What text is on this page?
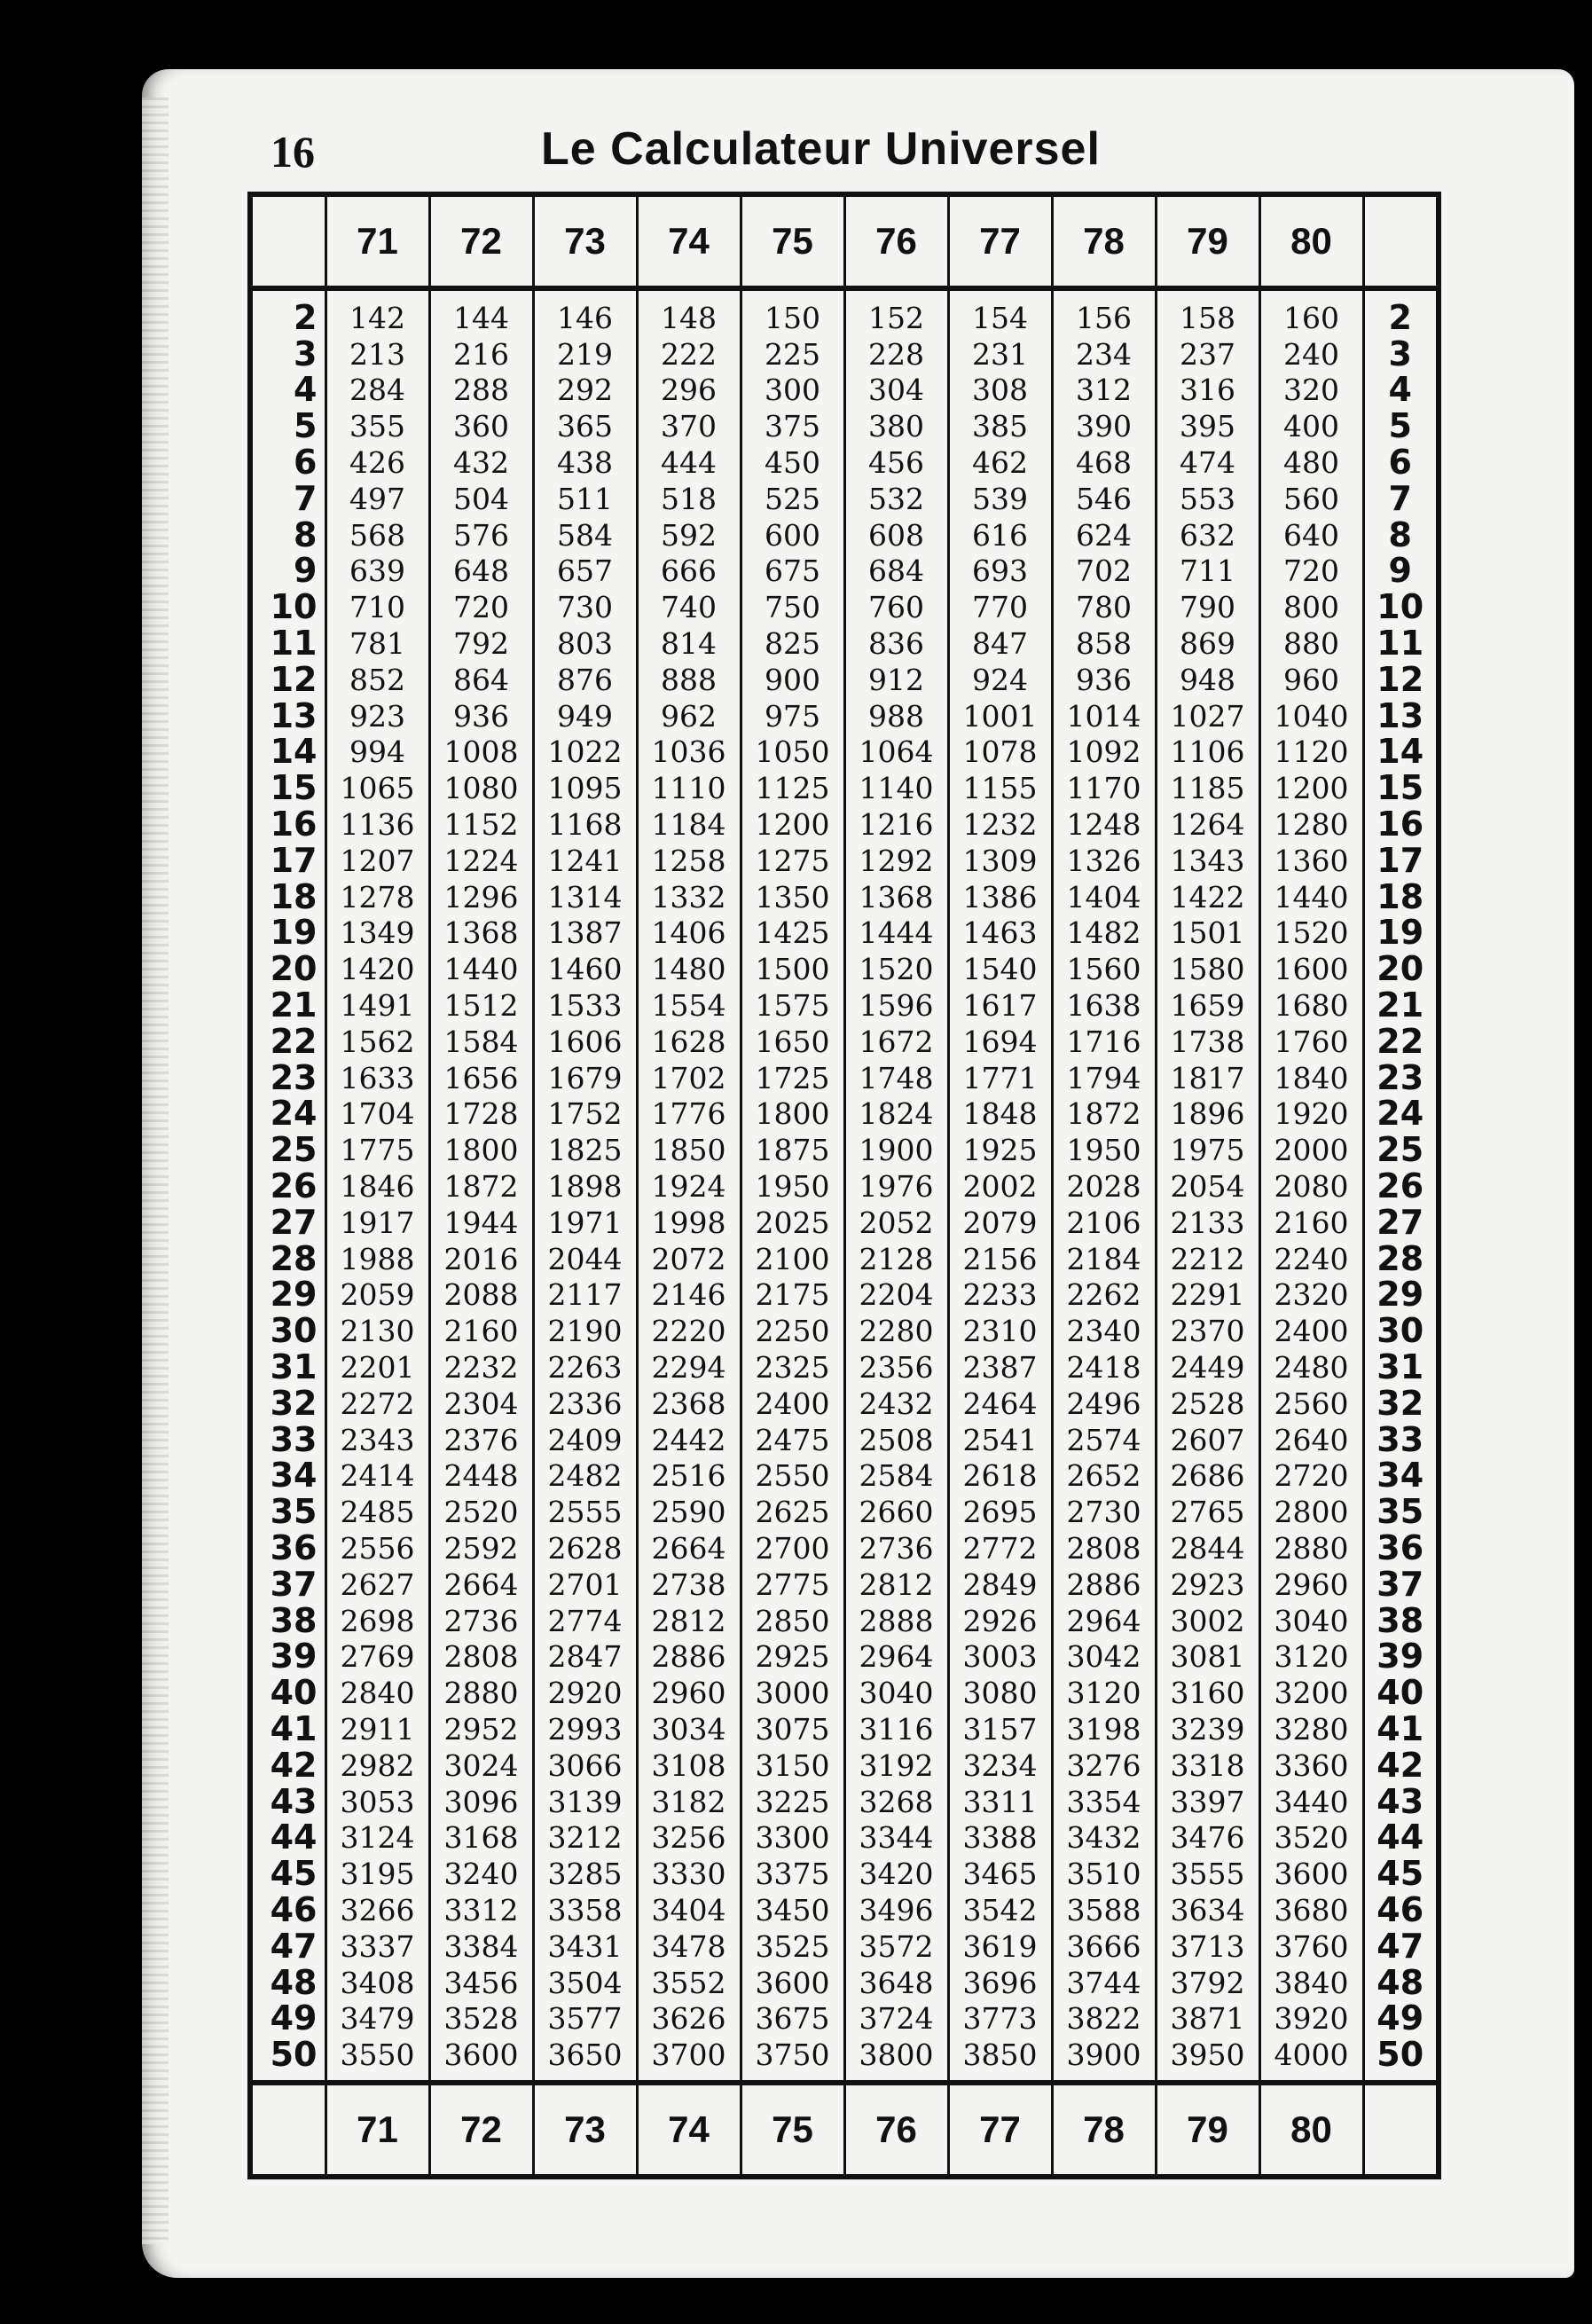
16	Le Calculateur Universel
	71	72	73	74	75	76	77	78	79	80	
2	142	144	146	148	150	152	154	156	158	160	2
3	213	216	219	222	225	228	231	234	237	240	3
4	284	288	292	296	300	304	308	312	316	320	4
5	355	360	365	370	375	380	385	390	395	400	5
6	426	432	438	444	450	456	462	468	474	480	6
7	497	504	511	518	525	532	539	546	553	560	7
8	568	576	584	592	600	608	616	624	632	640	8
9	639	648	657	666	675	684	693	702	711	720	9
10	710	720	730	740	750	760	770	780	790	800	10
11	781	792	803	814	825	836	847	858	869	880	11
12	852	864	876	888	900	912	924	936	948	960	12
13	923	936	949	962	975	988	1001	1014	1027	1040	13
14	994	1008	1022	1036	1050	1064	1078	1092	1106	1120	14
15	1065	1080	1095	1110	1125	1140	1155	1170	1185	1200	15
16	1136	1152	1168	1184	1200	1216	1232	1248	1264	1280	16
17	1207	1224	1241	1258	1275	1292	1309	1326	1343	1360	17
18	1278	1296	1314	1332	1350	1368	1386	1404	1422	1440	18
19	1349	1368	1387	1406	1425	1444	1463	1482	1501	1520	19
20	1420	1440	1460	1480	1500	1520	1540	1560	1580	1600	20
21	1491	1512	1533	1554	1575	1596	1617	1638	1659	1680	21
22	1562	1584	1606	1628	1650	1672	1694	1716	1738	1760	22
23	1633	1656	1679	1702	1725	1748	1771	1794	1817	1840	23
24	1704	1728	1752	1776	1800	1824	1848	1872	1896	1920	24
25	1775	1800	1825	1850	1875	1900	1925	1950	1975	2000	25
26	1846	1872	1898	1924	1950	1976	2002	2028	2054	2080	26
27	1917	1944	1971	1998	2025	2052	2079	2106	2133	2160	27
28	1988	2016	2044	2072	2100	2128	2156	2184	2212	2240	28
29	2059	2088	2117	2146	2175	2204	2233	2262	2291	2320	29
30	2130	2160	2190	2220	2250	2280	2310	2340	2370	2400	30
31	2201	2232	2263	2294	2325	2356	2387	2418	2449	2480	31
32	2272	2304	2336	2368	2400	2432	2464	2496	2528	2560	32
33	2343	2376	2409	2442	2475	2508	2541	2574	2607	2640	33
34	2414	2448	2482	2516	2550	2584	2618	2652	2686	2720	34
35	2485	2520	2555	2590	2625	2660	2695	2730	2765	2800	35
36	2556	2592	2628	2664	2700	2736	2772	2808	2844	2880	36
37	2627	2664	2701	2738	2775	2812	2849	2886	2923	2960	37
38	2698	2736	2774	2812	2850	2888	2926	2964	3002	3040	38
39	2769	2808	2847	2886	2925	2964	3003	3042	3081	3120	39
40	2840	2880	2920	2960	3000	3040	3080	3120	3160	3200	40
41	2911	2952	2993	3034	3075	3116	3157	3198	3239	3280	41
42	2982	3024	3066	3108	3150	3192	3234	3276	3318	3360	42
43	3053	3096	3139	3182	3225	3268	3311	3354	3397	3440	43
44	3124	3168	3212	3256	3300	3344	3388	3432	3476	3520	44
45	3195	3240	3285	3330	3375	3420	3465	3510	3555	3600	45
46	3266	3312	3358	3404	3450	3496	3542	3588	3634	3680	46
47	3337	3384	3431	3478	3525	3572	3619	3666	3713	3760	47
48	3408	3456	3504	3552	3600	3648	3696	3744	3792	3840	48
49	3479	3528	3577	3626	3675	3724	3773	3822	3871	3920	49
50	3550	3600	3650	3700	3750	3800	3850	3900	3950	4000	50
	71	72	73	74	75	76	77	78	79	80	
